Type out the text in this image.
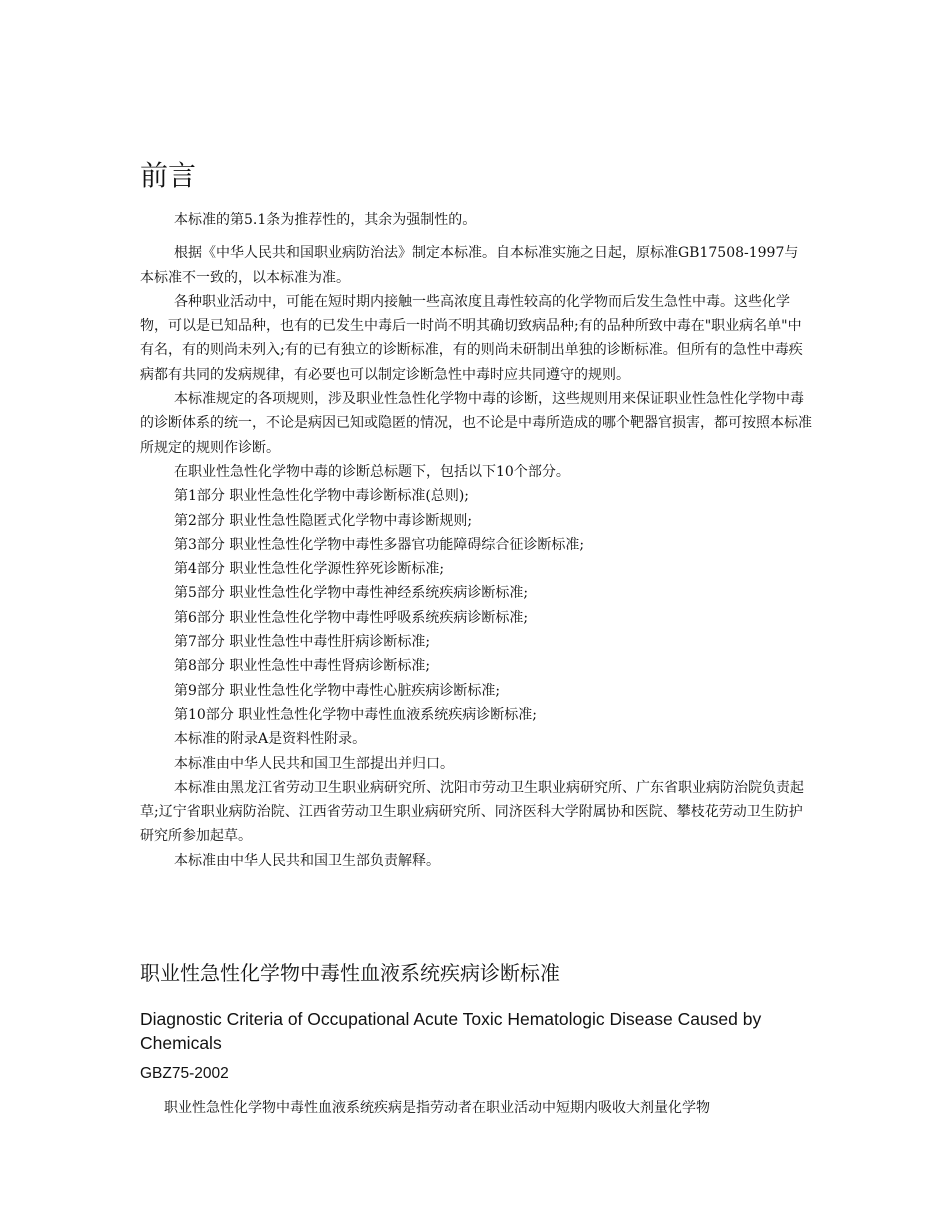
前言

本标准的第5.1条为推荐性的，其余为强制性的。

根据《中华人民共和国职业病防治法》制定本标准。自本标准实施之日起，原标准GB17508-1997与本标准不一致的，以本标准为准。

各种职业活动中，可能在短时期内接触一些高浓度且毒性较高的化学物而后发生急性中毒。这些化学物，可以是已知品种，也有的已发生中毒后一时尚不明其确切致病品种;有的品种所致中毒在"职业病名单"中有名，有的则尚未列入;有的已有独立的诊断标准，有的则尚未研制出单独的诊断标准。但所有的急性中毒疾病都有共同的发病规律，有必要也可以制定诊断急性中毒时应共同遵守的规则。

本标准规定的各项规则，涉及职业性急性化学物中毒的诊断，这些规则用来保证职业性急性化学物中毒的诊断体系的统一，不论是病因已知或隐匿的情况，也不论是中毒所造成的哪个靶器官损害，都可按照本标准所规定的规则作诊断。

在职业性急性化学物中毒的诊断总标题下，包括以下10个部分。

第1部分 职业性急性化学物中毒诊断标准(总则);

第2部分 职业性急性隐匿式化学物中毒诊断规则;

第3部分 职业性急性化学物中毒性多器官功能障碍综合征诊断标准;

第4部分 职业性急性化学源性猝死诊断标准;

第5部分 职业性急性化学物中毒性神经系统疾病诊断标准;

第6部分 职业性急性化学物中毒性呼吸系统疾病诊断标准;

第7部分 职业性急性中毒性肝病诊断标准;

第8部分 职业性急性中毒性肾病诊断标准;

第9部分 职业性急性化学物中毒性心脏疾病诊断标准;

第10部分 职业性急性化学物中毒性血液系统疾病诊断标准;

本标准的附录A是资料性附录。

本标准由中华人民共和国卫生部提出并归口。

本标准由黑龙江省劳动卫生职业病研究所、沈阳市劳动卫生职业病研究所、广东省职业病防治院负责起草;辽宁省职业病防治院、江西省劳动卫生职业病研究所、同济医科大学附属协和医院、攀枝花劳动卫生防护研究所参加起草。

本标准由中华人民共和国卫生部负责解释。

职业性急性化学物中毒性血液系统疾病诊断标准

Diagnostic Criteria of Occupational Acute Toxic Hematologic Disease Caused by Chemicals

GBZ75-2002

职业性急性化学物中毒性血液系统疾病是指劳动者在职业活动中短期内吸收大剂量化学物
